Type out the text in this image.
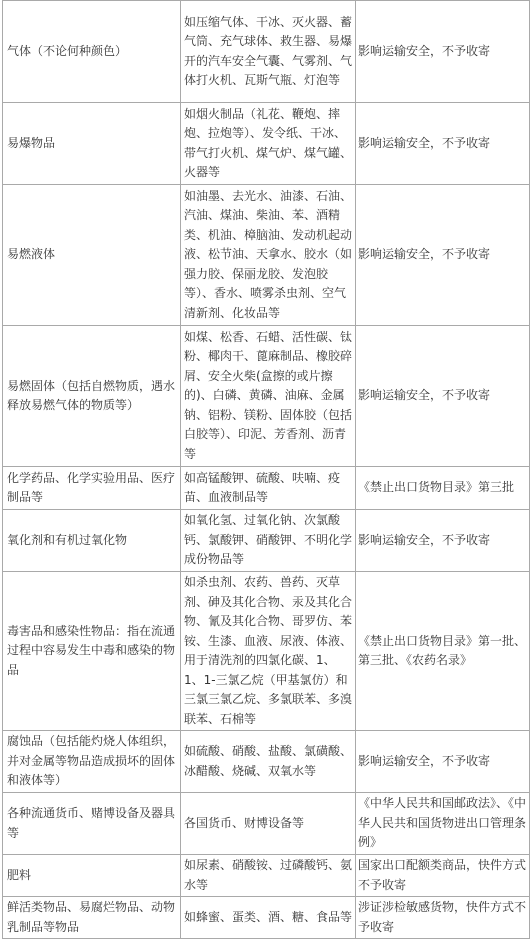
气体（不论何种颜色）	如压缩气体、干冰、灭火器、蓄气筒、充气球体、救生器、易爆开的汽车安全气囊、气雾剂、气体打火机、瓦斯气瓶、灯泡等	影响运输安全，不予收寄
易爆物品	如烟火制品（礼花、鞭炮、摔炮、拉炮等）、发令纸、干冰、带气打火机、煤气炉、煤气罐、火器等	影响运输安全，不予收寄
易燃液体	如油墨、去光水、油漆、石油、汽油、煤油、柴油、苯、酒精类、机油、樟脑油、发动机起动液、松节油、天拿水、胶水（如强力胶、保丽龙胶、发泡胶等）、香水、喷雾杀虫剂、空气清新剂、化妆品等	影响运输安全，不予收寄
易燃固体（包括自燃物质，遇水释放易燃气体的物质等）	如煤、松香、石蜡、活性碳、钛粉、椰肉干、蓖麻制品、橡胶碎屑、安全火柴(盒擦的或片擦的)、白磷、黄磷、油麻、金属钠、铝粉、镁粉、固体胶（包括白胶等）、印泥、芳香剂、沥青等	影响运输安全，不予收寄
化学药品、化学实验用品、医疗制品等	如高锰酸钾、硫酸、呋喃、疫苗、血液制品等	《禁止出口货物目录》第三批
氧化剂和有机过氧化物	如氧化氢、过氧化钠、次氯酸钙、氯酸钾、硝酸钾、不明化学成份物品等	影响运输安全，不予收寄
毒害品和感染性物品：指在流通过程中容易发生中毒和感染的物品	如杀虫剂、农药、兽药、灭草剂、砷及其化合物、汞及其化合物、氰及其化合物、哥罗仿、苯铵、生漆、血液、尿液、体液、用于清洗剂的四氯化碳、1、1、1-三氯乙烷（甲基氯仿）和三氯三氯乙烷、多氯联苯、多溴联苯、石棉等	《禁止出口货物目录》第一批、第三批、《农药名录》
腐蚀品（包括能灼烧人体组织，并对金属等物品造成损坏的固体和液体等）	如硫酸、硝酸、盐酸、氯磺酸、冰醋酸、烧碱、双氧水等	影响运输安全，不予收寄
各种流通货币、赌博设备及器具等	各国货币、财博设备等	《中华人民共和国邮政法》、《中华人民共和国货物进出口管理条例》
肥料	如尿素、硝酸铵、过磷酸钙、氨水等	国家出口配额类商品，快件方式不予收寄
鲜活类物品、易腐烂物品、动物乳制品等物品	如蜂蜜、蛋类、酒、糖、食品等	涉证涉检敏感货物，快件方式不予收寄
